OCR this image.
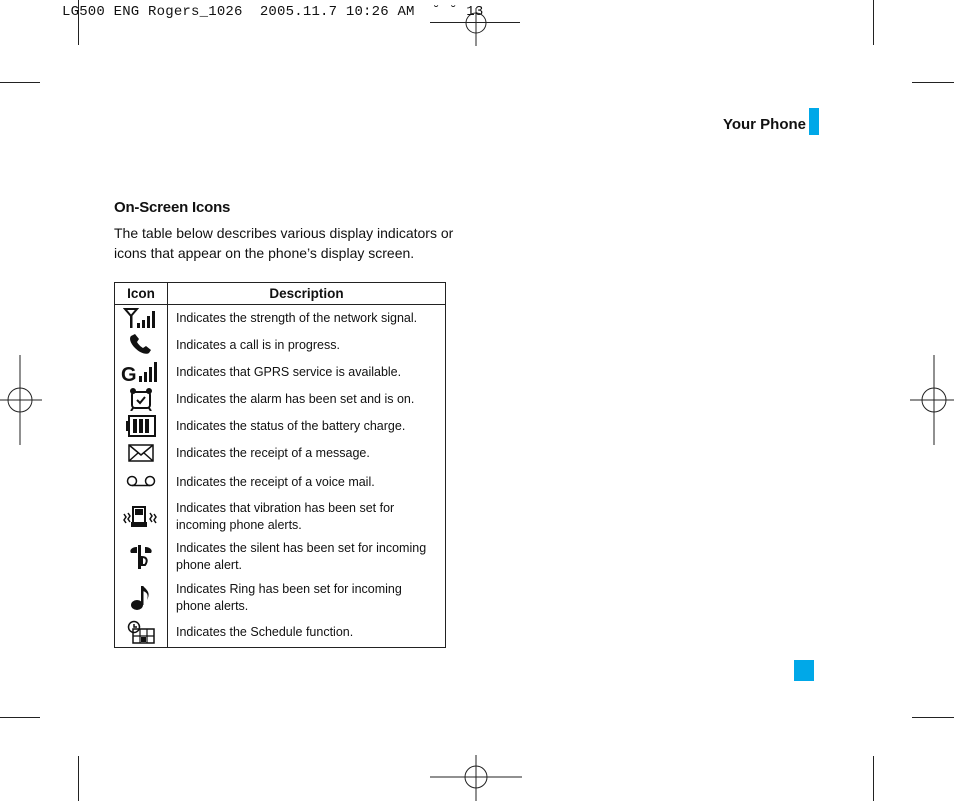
LG500 ENG Rogers_1026  2005.11.7 10:26 AM  ˘ ˘ 13
Your Phone
On-Screen Icons
The table below describes various display indicators or icons that appear on the phone’s display screen.
Icon	Description
	Indicates the strength of the network signal.
	Indicates a call is in progress.

G	Indicates that GPRS service is available.
	Indicates the alarm has been set and is on.
	Indicates the status of the battery charge.
	Indicates the receipt of a message.
	Indicates the receipt of a voice mail.
	Indicates that vibration has been set for incoming phone alerts.
	Indicates the silent has been set for incoming phone alert.
	Indicates Ring has been set for incoming phone alerts.
	Indicates the Schedule function.
